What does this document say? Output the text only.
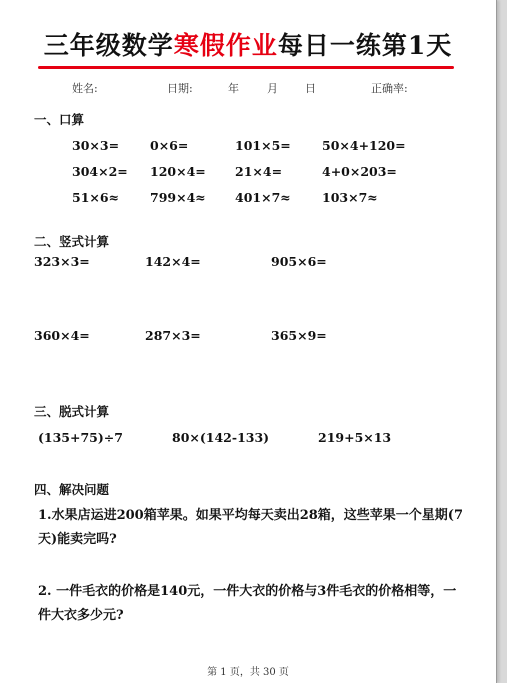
三年级数学寒假作业每日一练第1天
姓名:	日期:	年	月 日	正确率:
一、口算
30×3= 0×6=	101×5=	50×4+120=
304×2= 120×4= 21×4=	4+0×203=
51×6≈ 799×4≈ 401×7≈	103×7≈
二、竖式计算
323×3=	142×4=	905×6=
360×4=	287×3=	365×9=
三、脱式计算
(135+75)÷7	80×(142-133)	219+5×13
四、解决问题
1.水果店运进200箱苹果。如果平均每天卖出28箱，这些苹果一个星期(7
天)能卖完吗?
2. 一件毛衣的价格是140元，一件大衣的价格与3件毛衣的价格相等，一
件大衣多少元?
第 1 页，共 30 页
